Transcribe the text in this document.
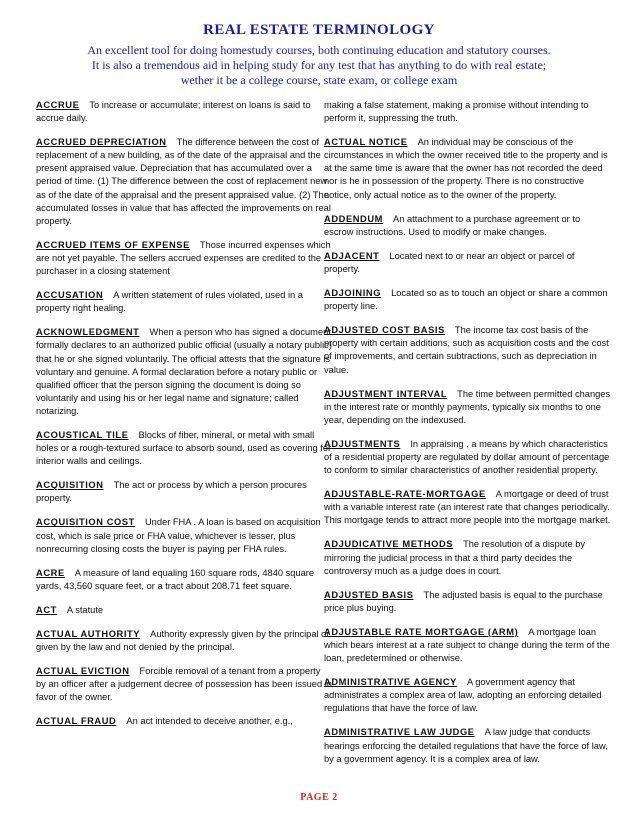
REAL ESTATE TERMINOLOGY
An excellent tool for doing homestudy courses, both continuing education and statutory courses.
It is also a tremendous aid in helping study for any test that has anything to do with real estate;
wether it be a college course, state exam, or college exam
ACCRUE To increase or accumulate; interest on loans is said to accrue daily.
ACCRUED DEPRECIATION The difference between the cost of replacement of a new building, as of the date of the appraisal and the present appraised value. Depreciation that has accumulated over a period of time. (1) The difference between the cost of replacement new as of the date of the appraisal and the present appraised value. (2) The accumulated losses in value that has affected the improvements on real property.
ACCRUED ITEMS OF EXPENSE Those incurred expenses which are not yet payable. The sellers accrued expenses are credited to the purchaser in a closing statement
ACCUSATION A written statement of rules violated, used in a property right healing.
ACKNOWLEDGMENT When a person who has signed a document formally declares to an authorized public official (usually a notary public) that he or she signed voluntarily. The official attests that the signature is voluntary and genuine. A formal declaration before a notary public or qualified officer that the person signing the document is doing so voluntarily and using his or her legal name and signature; called notarizing.
ACOUSTICAL TILE Blocks of fiber, mineral, or metal with small holes or a rough-textured surface to absorb sound, used as covering for interior walls and ceilings.
ACQUISITION The act or process by which a person procures property.
ACQUISITION COST Under FHA . A loan is based on acquisition cost, which is sale price or FHA value, whichever is lesser, plus nonrecurring closing costs the buyer is paying per FHA rules.
ACRE A measure of land equaling 160 square rods, 4840 square yards, 43,560 square feet, or a tract about 208.71 feet square.
ACT A statute
ACTUAL AUTHORITY Authority expressly given by the principal or given by the law and not denied by the principal.
ACTUAL EVICTION Forcible removal of a tenant from a property by an officer after a judgement decree of possession has been issued in favor of the owner.
ACTUAL FRAUD An act intended to deceive another, e.g.,
making a false statement, making a promise without intending to perform it, suppressing the truth.
ACTUAL NOTICE An individual may be conscious of the circumstances in which the owner received title to the property and is at the same time is aware that the owner has not recorded the deed nor is he in possession of the property. There is no constructive notice, only actual notice as to the owner of the property.
ADDENDUM An attachment to a purchase agreement or to escrow instructions. Used to modify or make changes.
ADJACENT Located next to or near an object or parcel of property.
ADJOINING Located so as to touch an object or share a common property line.
ADJUSTED COST BASIS The income tax cost basis of the property with certain additions, such as acquisition costs and the cost of improvements, and certain subtractions, such as depreciation in value.
ADJUSTMENT INTERVAL The time between permitted changes in the interest rate or monthly payments, typically six months to one year, depending on the indexused.
ADJUSTMENTS In appraising , a means by which characteristics of a residential property are regulated by dollar amount of percentage to conform to similar characteristics of another residential property.
ADJUSTABLE-RATE-MORTGAGE A mortgage or deed of trust with a variable interest rate (an interest rate that changes periodically. This mortgage tends to attract more people into the mortgage market.
ADJUDICATIVE METHODS The resolution of a dispute by mirroring the judicial process in that a third party decides the controversy much as a judge does in court.
ADJUSTED BASIS The adjusted basis is equal to the purchase price plus buying.
ADJUSTABLE RATE MORTGAGE (ARM) A mortgage loan which bears interest at a rate subject to change during the term of the loan, predetermined or otherwise.
ADMINISTRATIVE AGENCY A government agency that administrates a complex area of law, adopting an enforcing detailed regulations that have the force of law.
ADMINISTRATIVE LAW JUDGE A law judge that conducts hearings enforcing the detailed regulations that have the force of law, by a government agency. It is a complex area of law.
PAGE 2
